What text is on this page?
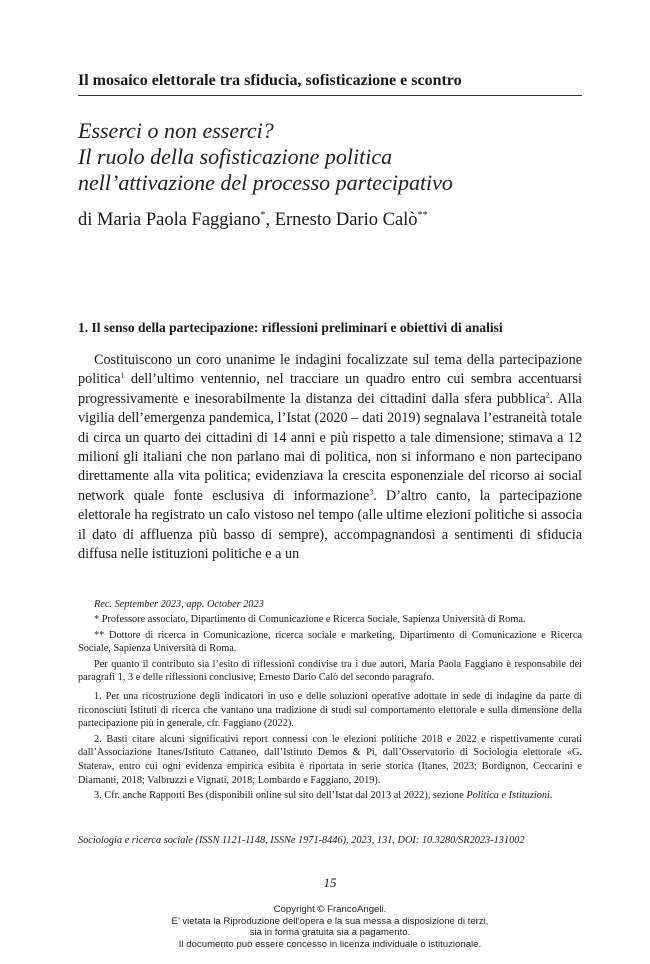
Il mosaico elettorale tra sfiducia, sofisticazione e scontro
Esserci o non esserci?
Il ruolo della sofisticazione politica
nell’attivazione del processo partecipativo
di Maria Paola Faggiano*, Ernesto Dario Calò**
1. Il senso della partecipazione: riflessioni preliminari e obiettivi di analisi
Costituiscono un coro unanime le indagini focalizzate sul tema della partecipazione politica$^1$ dell’ultimo ventennio, nel tracciare un quadro entro cui sembra accentuarsi progressivamente e inesorabilmente la distanza dei cittadini dalla sfera pubblica$^2$. Alla vigilia dell’emergenza pandemica, l’Istat (2020 – dati 2019) segnalava l’estraneità totale di circa un quarto dei cittadini di 14 anni e più rispetto a tale dimensione; stimava a 12 milioni gli italiani che non parlano mai di politica, non si informano e non partecipano direttamente alla vita politica; evidenziava la crescita esponenziale del ricorso ai social network quale fonte esclusiva di informazione$^3$. D’altro canto, la partecipazione elettorale ha registrato un calo vistoso nel tempo (alle ultime elezioni politiche si associa il dato di affluenza più basso di sempre), accompagnandosi a sentimenti di sfiducia diffusa nelle istituzioni politiche e a un
Rec. September 2023, app. October 2023

* Professore associato, Dipartimento di Comunicazione e Ricerca Sociale, Sapienza Università di Roma.

** Dottore di ricerca in Comunicazione, ricerca sociale e marketing, Dipartimento di Comunicazione e Ricerca Sociale, Sapienza Università di Roma.

Per quanto il contributo sia l’esito di riflessioni condivise tra i due autori, Maria Paola Faggiano è responsabile dei paragrafi 1, 3 e delle riflessioni conclusive; Ernesto Dario Calò del secondo paragrafo.

1. Per una ricostruzione degli indicatori in uso e delle soluzioni operative adottate in sede di indagine da parte di riconosciuti Istituti di ricerca che vantano una tradizione di studi sul comportamento elettorale e sulla dimensione della partecipazione più in generale, cfr. Faggiano (2022).

2. Basti citare alcuni significativi report connessi con le elezioni politiche 2018 e 2022 e rispettivamente curati dall’Associazione Itanes/Istituto Cattaneo, dall’Istituto Demos & Pi, dall’Osservatorio di Sociologia elettorale «G. Statera», entro cui ogni evidenza empirica esibita è riportata in serie storica (Itanes, 2023; Bordignon, Ceccarini e Diamanti, 2018; Valbruzzi e Vignati, 2018; Lombardo e Faggiano, 2019).

3. Cfr. anche Rapporti Bes (disponibili online sul sito dell’Istat dal 2013 al 2022), sezione Politica e Istituzioni.

Sociologia e ricerca sociale (ISSN 1121-1148, ISSNe 1971-8446), 2023, 131, DOI: 10.3280/SR2023-131002
15
Copyright © FrancoAngeli.
E’ vietata la Riproduzione dell’opera e la sua messa a disposizione di terzi,
sia in forma gratuita sia a pagamento.
Il documento può essere concesso in licenza individuale o istituzionale.
